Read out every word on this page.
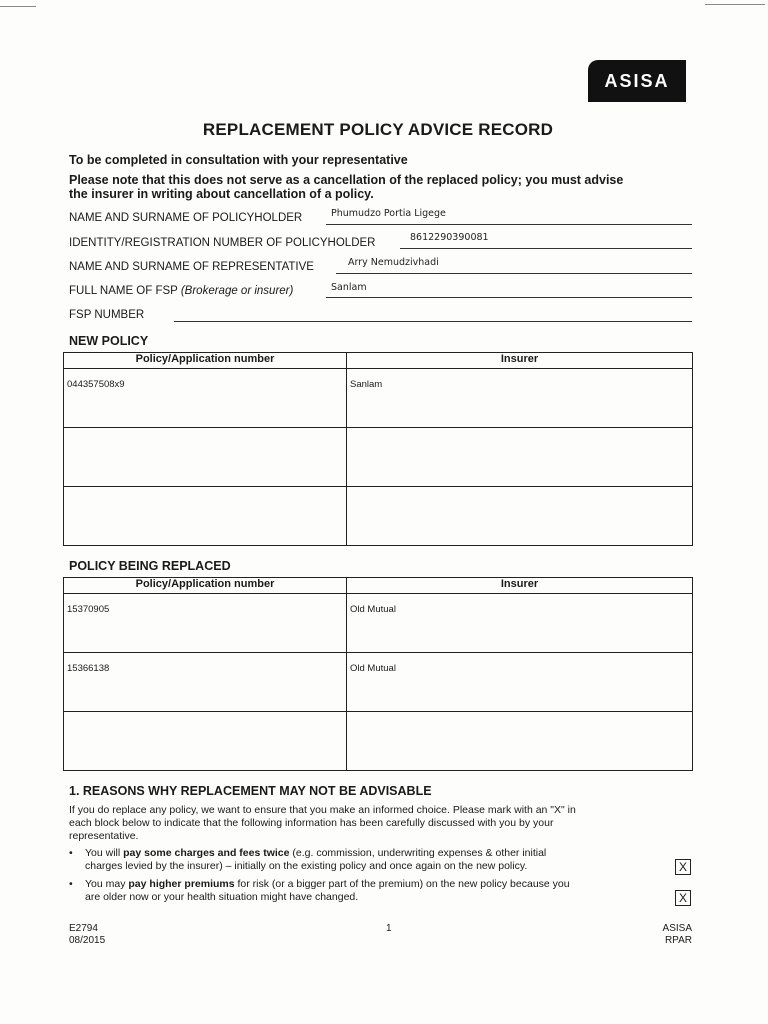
ASISA
REPLACEMENT POLICY ADVICE RECORD
To be completed in consultation with your representative
Please note that this does not serve as a cancellation of the replaced policy; you must advise
the insurer in writing about cancellation of a policy.
NAME AND SURNAME OF POLICYHOLDER	Phumudzo Portia Ligege
IDENTITY/REGISTRATION NUMBER OF POLICYHOLDER	8612290390081
NAME AND SURNAME OF REPRESENTATIVE	Arry Nemudzivhadi
FULL NAME OF FSP (Brokerage or insurer)	Sanlam
FSP NUMBER
NEW POLICY
Policy/Application number	Insurer

044357508x9	Sanlam

POLICY BEING REPLACED
Policy/Application number	Insurer

15370905	Old Mutual

15366138	Old Mutual

1. REASONS WHY REPLACEMENT MAY NOT BE ADVISABLE
If you do replace any policy, we want to ensure that you make an informed choice. Please mark with an "X" in
each block below to indicate that the following information has been carefully discussed with you by your
representative.
• You will pay some charges and fees twice (e.g. commission, underwriting expenses & other initial
charges levied by the insurer) – initially on the existing policy and once again on the new policy.	X
• You may pay higher premiums for risk (or a bigger part of the premium) on the new policy because you
are older now or your health situation might have changed.	X
E2794
08/2015
1	ASISA
RPAR
